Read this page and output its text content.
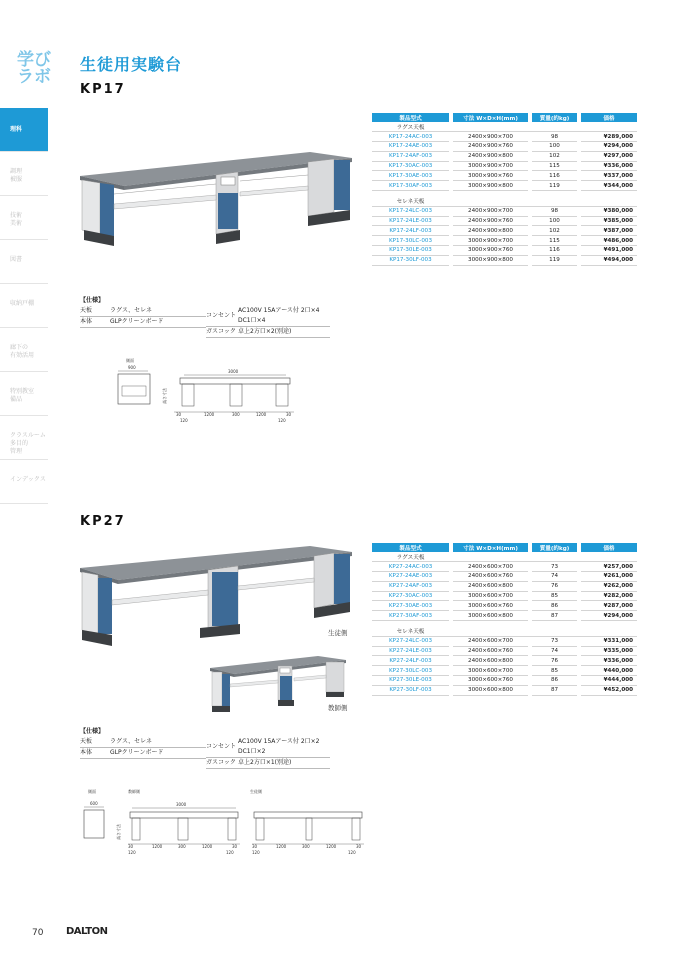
学び
ラボ
生徒用実験台
理科
調理
被服
技術
美術
図書
収納戸棚
廊下の
有効活用
特別教室
備品
クラスルーム
多目的
管理
インデックス
KP17
製品型式		寸法 W×D×H(mm)		質量(約kg)		価格
ラグス天板						
KP17-24AC-003		2400×900×700		98		¥289,000
KP17-24AE-003		2400×900×760		100		¥294,000
KP17-24AF-003		2400×900×800		102		¥297,000
KP17-30AC-003		3000×900×700		115		¥336,000
KP17-30AE-003		3000×900×760		116		¥337,000
KP17-30AF-003		3000×900×800		119		¥344,000

セレネ天板						
KP17-24LC-003		2400×900×700		98		¥380,000
KP17-24LE-003		2400×900×760		100		¥385,000
KP17-24LF-003		2400×900×800		102		¥387,000
KP17-30LC-003		3000×900×700		115		¥486,000
KP17-30LE-003		3000×900×760		116		¥491,000
KP17-30LF-003		3000×900×800		119		¥494,000
【仕様】
天板	ラグス、セレネ
本体	GLPクリーンボード
コンセント
AC100V 15Aアース付 2口×4
DC1口×4
ガスコック 卓上2方口×2(別途)
側面
900
3000
高さ寸法
30	1200	300	1200	30
120	120
KP27
生徒側
教師側
製品型式		寸法 W×D×H(mm)		質量(約kg)		価格
ラグス天板						
KP27-24AC-003		2400×600×700		73		¥257,000
KP27-24AE-003		2400×600×760		74		¥261,000
KP27-24AF-003		2400×600×800		76		¥262,000
KP27-30AC-003		3000×600×700		85		¥282,000
KP27-30AE-003		3000×600×760		86		¥287,000
KP27-30AF-003		3000×600×800		87		¥294,000

セレネ天板						
KP27-24LC-003		2400×600×700		73		¥331,000
KP27-24LE-003		2400×600×760		74		¥335,000
KP27-24LF-003		2400×600×800		76		¥336,000
KP27-30LC-003		3000×600×700		85		¥440,000
KP27-30LE-003		3000×600×760		86		¥444,000
KP27-30LF-003		3000×600×800		87		¥452,000
【仕様】
天板	ラグス、セレネ
本体	GLPクリーンボード
コンセント
AC100V 15Aアース付 2口×2
DC1口×2
ガスコック 卓上2方口×1(別途)
側面	教師側	生徒側
600	3000
高さ寸法
30	1200	300	1200	30
120	120
30	1200	300	1200	30
120	120
70 DALTON
